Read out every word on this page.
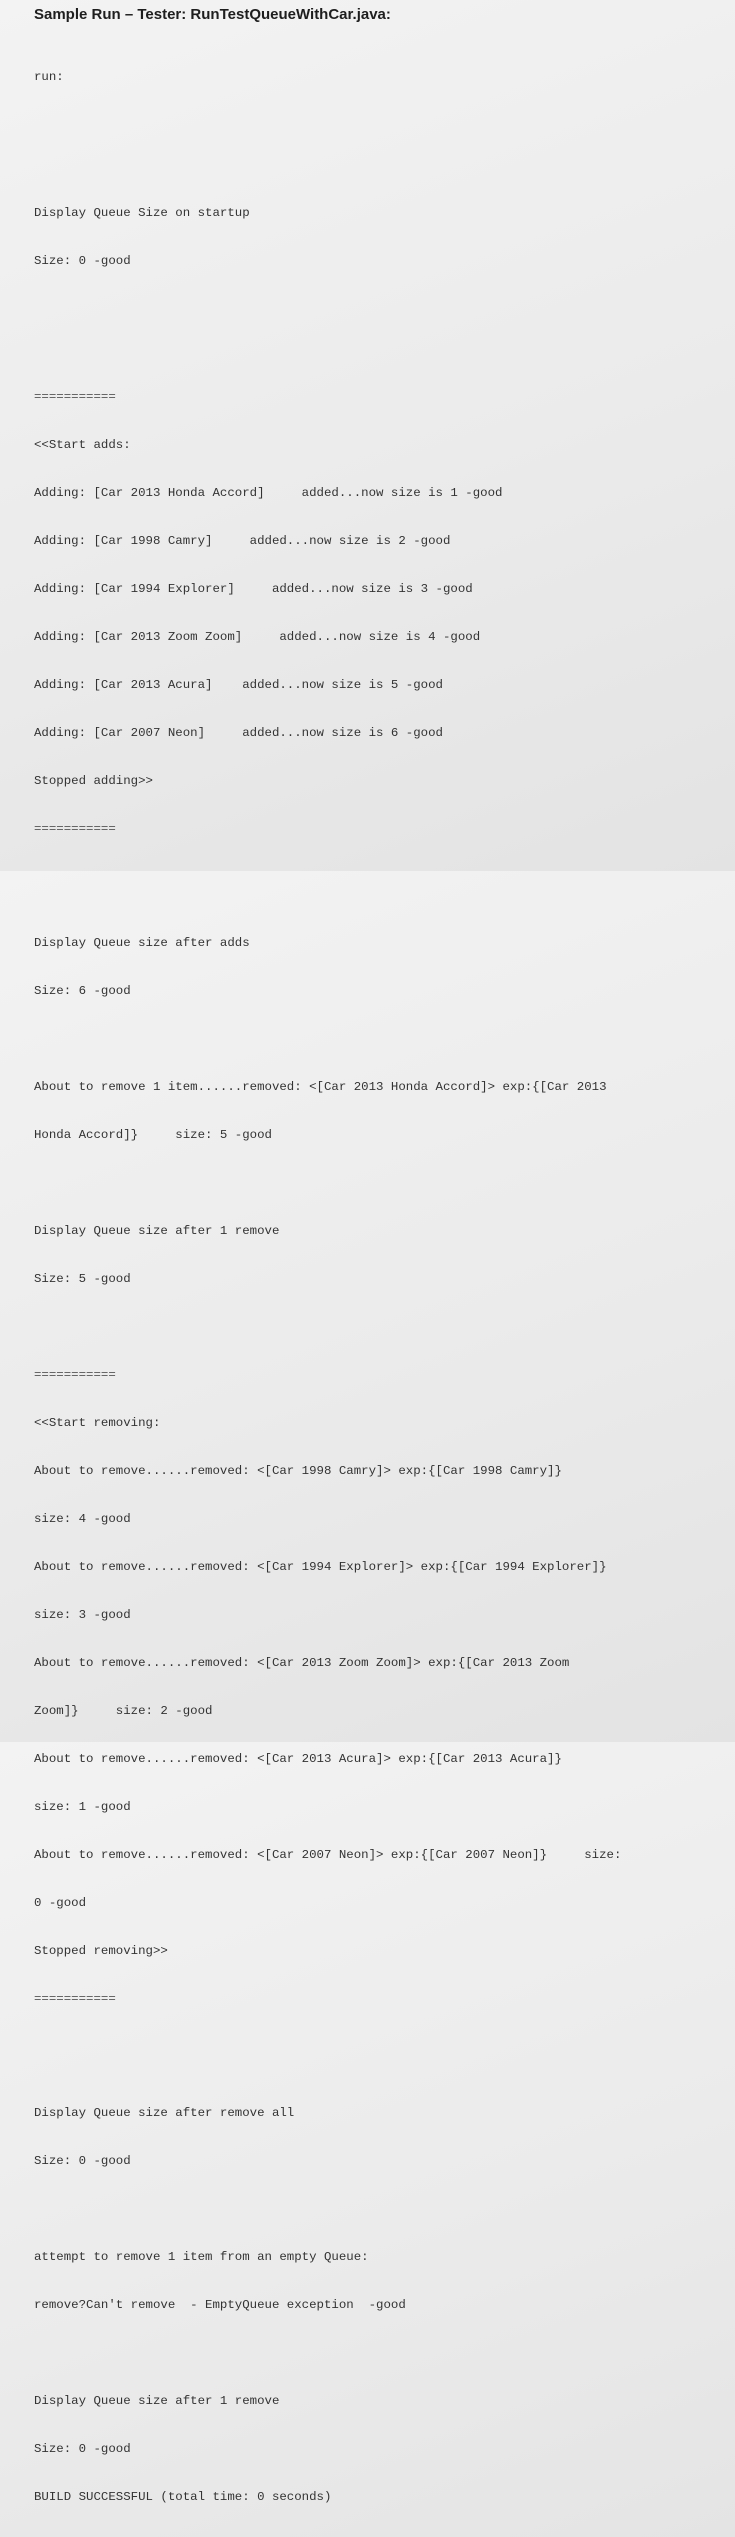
Sample Run – Tester: RunTestQueueWithCar.java:

run:

Display Queue Size on startup

Size: 0 -good

===========

<<Start adds:

Adding: [Car 2013 Honda Accord]     added...now size is 1 -good

Adding: [Car 1998 Camry]     added...now size is 2 -good

Adding: [Car 1994 Explorer]     added...now size is 3 -good

Adding: [Car 2013 Zoom Zoom]     added...now size is 4 -good

Adding: [Car 2013 Acura]    added...now size is 5 -good

Adding: [Car 2007 Neon]     added...now size is 6 -good

Stopped adding>>

===========

Display Queue size after adds

Size: 6 -good

About to remove 1 item......removed: <[Car 2013 Honda Accord]> exp:{[Car 2013

Honda Accord]}     size: 5 -good

Display Queue size after 1 remove

Size: 5 -good

===========

<<Start removing:

About to remove......removed: <[Car 1998 Camry]> exp:{[Car 1998 Camry]}

size: 4 -good

About to remove......removed: <[Car 1994 Explorer]> exp:{[Car 1994 Explorer]}

size: 3 -good

About to remove......removed: <[Car 2013 Zoom Zoom]> exp:{[Car 2013 Zoom

Zoom]}     size: 2 -good

About to remove......removed: <[Car 2013 Acura]> exp:{[Car 2013 Acura]}

size: 1 -good

About to remove......removed: <[Car 2007 Neon]> exp:{[Car 2007 Neon]}     size:

0 -good

Stopped removing>>

===========

Display Queue size after remove all

Size: 0 -good

attempt to remove 1 item from an empty Queue:

remove?Can't remove  - EmptyQueue exception  -good

Display Queue size after 1 remove

Size: 0 -good

BUILD SUCCESSFUL (total time: 0 seconds)
